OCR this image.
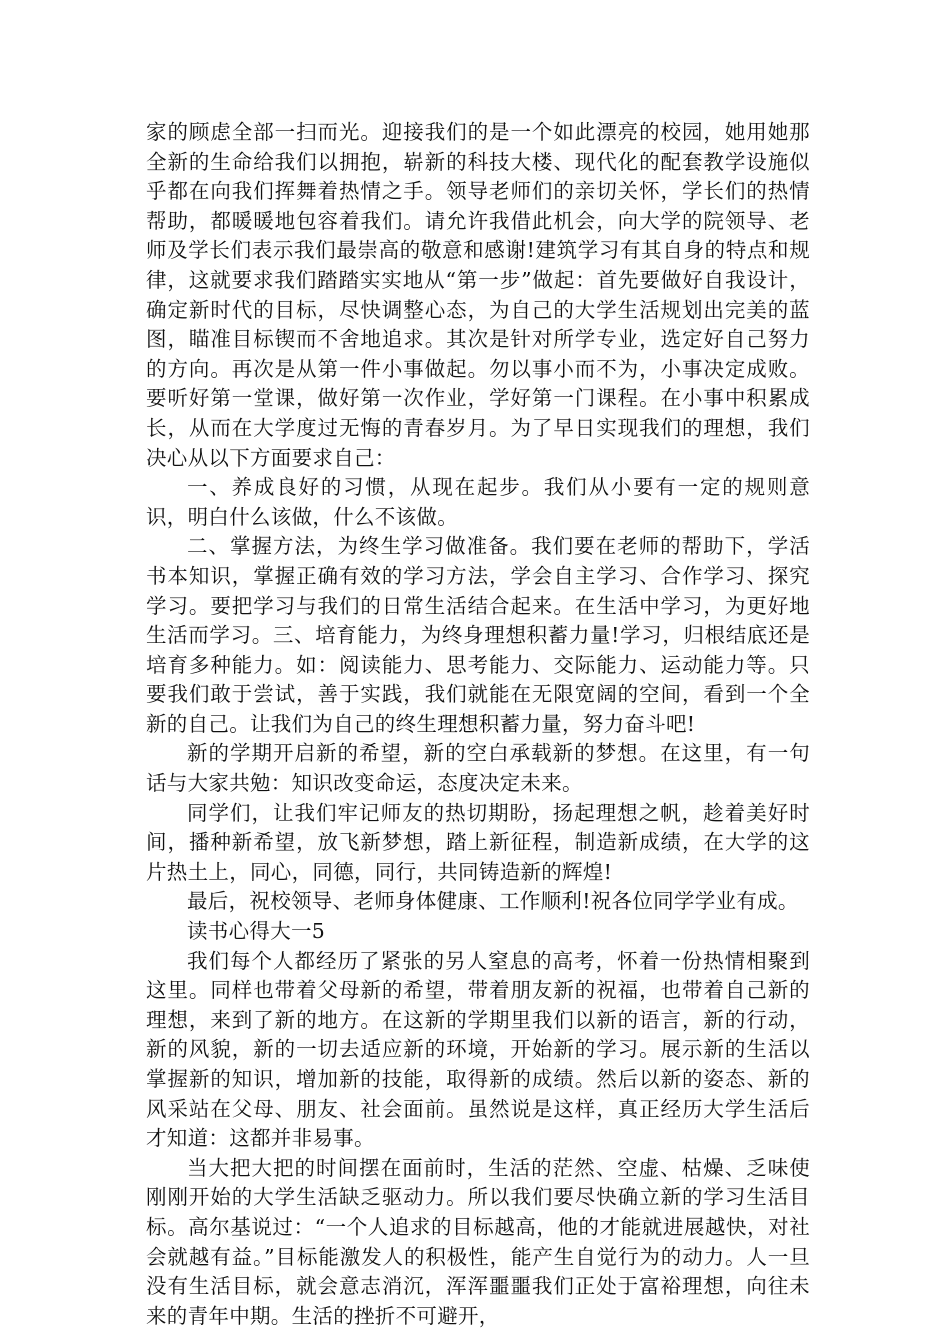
家的顾虑全部一扫而光。迎接我们的是一个如此漂亮的校园，她用她那全新的生命给我们以拥抱，崭新的科技大楼、现代化的配套教学设施似乎都在向我们挥舞着热情之手。领导老师们的亲切关怀，学长们的热情帮助，都暖暖地包容着我们。请允许我借此机会，向大学的院领导、老师及学长们表示我们最崇高的敬意和感谢!建筑学习有其自身的特点和规律，这就要求我们踏踏实实地从“第一步”做起：首先要做好自我设计，确定新时代的目标，尽快调整心态，为自己的大学生活规划出完美的蓝图，瞄准目标锲而不舍地追求。其次是针对所学专业，选定好自己努力的方向。再次是从第一件小事做起。勿以事小而不为，小事决定成败。要听好第一堂课，做好第一次作业，学好第一门课程。在小事中积累成长，从而在大学度过无悔的青春岁月。为了早日实现我们的理想，我们决心从以下方面要求自己：

一、养成良好的习惯，从现在起步。我们从小要有一定的规则意识，明白什么该做，什么不该做。

二、掌握方法，为终生学习做准备。我们要在老师的帮助下，学活书本知识，掌握正确有效的学习方法，学会自主学习、合作学习、探究学习。要把学习与我们的日常生活结合起来。在生活中学习，为更好地生活而学习。三、培育能力，为终身理想积蓄力量!学习，归根结底还是培育多种能力。如：阅读能力、思考能力、交际能力、运动能力等。只要我们敢于尝试，善于实践，我们就能在无限宽阔的空间，看到一个全新的自己。让我们为自己的终生理想积蓄力量，努力奋斗吧!

新的学期开启新的希望，新的空白承载新的梦想。在这里，有一句话与大家共勉：知识改变命运，态度决定未来。

同学们，让我们牢记师友的热切期盼，扬起理想之帆，趁着美好时间，播种新希望，放飞新梦想，踏上新征程，制造新成绩，在大学的这片热土上，同心，同德，同行，共同铸造新的辉煌!

最后，祝校领导、老师身体健康、工作顺利!祝各位同学学业有成。

读书心得大一5

我们每个人都经历了紧张的另人窒息的高考，怀着一份热情相聚到这里。同样也带着父母新的希望，带着朋友新的祝福，也带着自己新的理想，来到了新的地方。在这新的学期里我们以新的语言，新的行动，新的风貌，新的一切去适应新的环境，开始新的学习。展示新的生活以掌握新的知识，增加新的技能，取得新的成绩。然后以新的姿态、新的风采站在父母、朋友、社会面前。虽然说是这样，真正经历大学生活后才知道：这都并非易事。

当大把大把的时间摆在面前时，生活的茫然、空虚、枯燥、乏味使刚刚开始的大学生活缺乏驱动力。所以我们要尽快确立新的学习生活目标。高尔基说过：“一个人追求的目标越高，他的才能就进展越快，对社会就越有益。”目标能激发人的积极性，能产生自觉行为的动力。人一旦没有生活目标，就会意志消沉，浑浑噩噩我们正处于富裕理想，向往未来的青年中期。生活的挫折不可避开，
